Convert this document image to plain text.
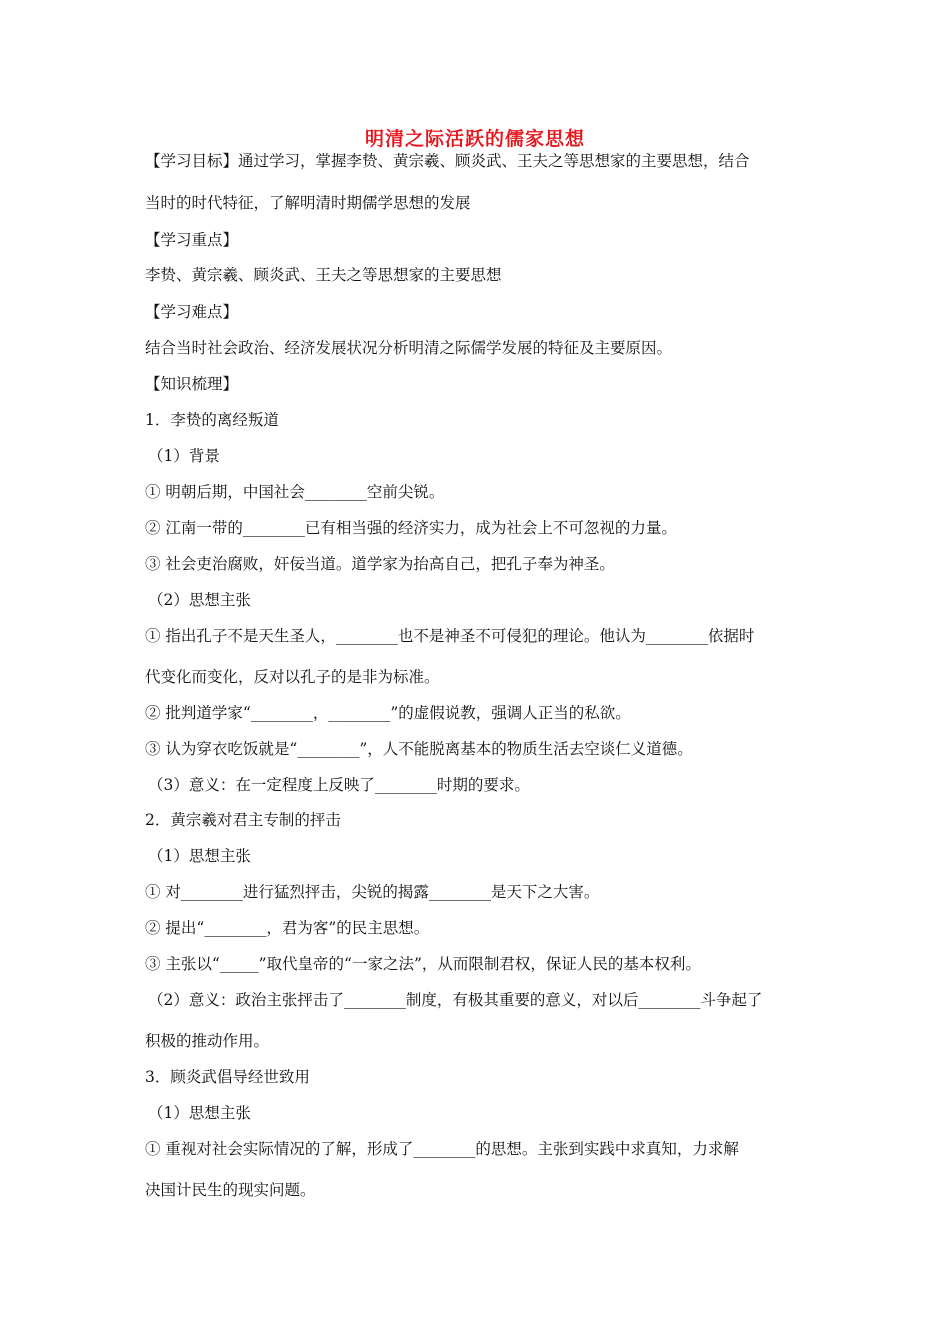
明清之际活跃的儒家思想
【学习目标】通过学习，掌握李贽、黄宗羲、顾炎武、王夫之等思想家的主要思想，结合
当时的时代特征，了解明清时期儒学思想的发展
【学习重点】
李贽、黄宗羲、顾炎武、王夫之等思想家的主要思想
【学习难点】
结合当时社会政治、经济发展状况分析明清之际儒学发展的特征及主要原因。
【知识梳理】
1．李贽的离经叛道
（1）背景
① 明朝后期，中国社会________空前尖锐。
② 江南一带的________已有相当强的经济实力，成为社会上不可忽视的力量。
③ 社会吏治腐败，奸佞当道。道学家为抬高自己，把孔子奉为神圣。
（2）思想主张
① 指出孔子不是天生圣人，________也不是神圣不可侵犯的理论。他认为________依据时
代变化而变化，反对以孔子的是非为标准。
② 批判道学家“________，________”的虚假说教，强调人正当的私欲。
③ 认为穿衣吃饭就是“________”，人不能脱离基本的物质生活去空谈仁义道德。
（3）意义：在一定程度上反映了________时期的要求。
2．黄宗羲对君主专制的抨击
（1）思想主张
① 对________进行猛烈抨击，尖锐的揭露________是天下之大害。
② 提出“________，君为客”的民主思想。
③ 主张以“_____”取代皇帝的“一家之法”，从而限制君权，保证人民的基本权利。
（2）意义：政治主张抨击了________制度，有极其重要的意义，对以后________斗争起了
积极的推动作用。
3．顾炎武倡导经世致用
（1）思想主张
① 重视对社会实际情况的了解，形成了________的思想。主张到实践中求真知，力求解
决国计民生的现实问题。
